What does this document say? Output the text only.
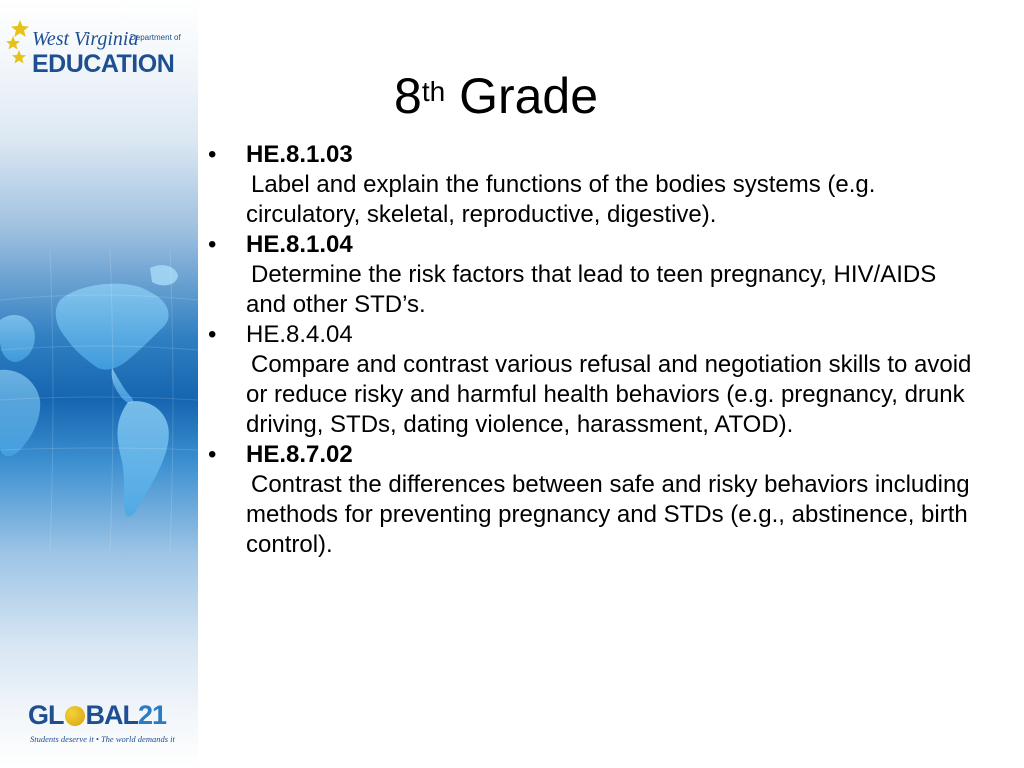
West Virginia
Department of
EDUCATION
GL BAL21
Students deserve it • The world demands it
8th Grade
• HE.8.1.03
Label and explain the functions of the bodies systems (e.g. circulatory, skeletal, reproductive, digestive).
• HE.8.1.04
Determine the risk factors that lead to teen pregnancy, HIV/AIDS and other STD’s.
• HE.8.4.04
Compare and contrast various refusal and negotiation skills to avoid or reduce risky and harmful health behaviors (e.g. pregnancy, drunk driving, STDs, dating violence, harassment, ATOD).
• HE.8.7.02
Contrast the differences between safe and risky behaviors including methods for preventing pregnancy and STDs (e.g., abstinence, birth control).
